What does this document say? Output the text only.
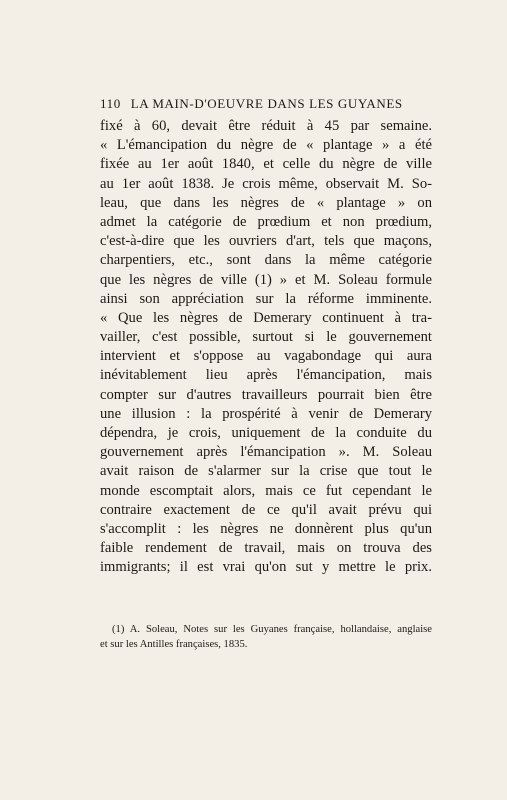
110 LA MAIN-D'OEUVRE DANS LES GUYANES
fixé à 60, devait être réduit à 45 par semaine.
« L'émancipation du nègre de « plantage » a été
fixée au 1er août 1840, et celle du nègre de ville
au 1er août 1838. Je crois même, observait M. So-
leau, que dans les nègres de « plantage » on
admet la catégorie de prœdium et non prœdium,
c'est-à-dire que les ouvriers d'art, tels que maçons,
charpentiers, etc., sont dans la même catégorie
que les nègres de ville (1) » et M. Soleau formule
ainsi son appréciation sur la réforme imminente.
« Que les nègres de Demerary continuent à tra-
vailler, c'est possible, surtout si le gouvernement
intervient et s'oppose au vagabondage qui aura
inévitablement lieu après l'émancipation, mais
compter sur d'autres travailleurs pourrait bien être
une illusion : la prospérité à venir de Demerary
dépendra, je crois, uniquement de la conduite du
gouvernement après l'émancipation ». M. Soleau
avait raison de s'alarmer sur la crise que tout le
monde escomptait alors, mais ce fut cependant le
contraire exactement de ce qu'il avait prévu qui
s'accomplit : les nègres ne donnèrent plus qu'un
faible rendement de travail, mais on trouva des
immigrants; il est vrai qu'on sut y mettre le prix.
(1) A. Soleau, Notes sur les Guyanes française, hollandaise, anglaise
et sur les Antilles françaises, 1835.
